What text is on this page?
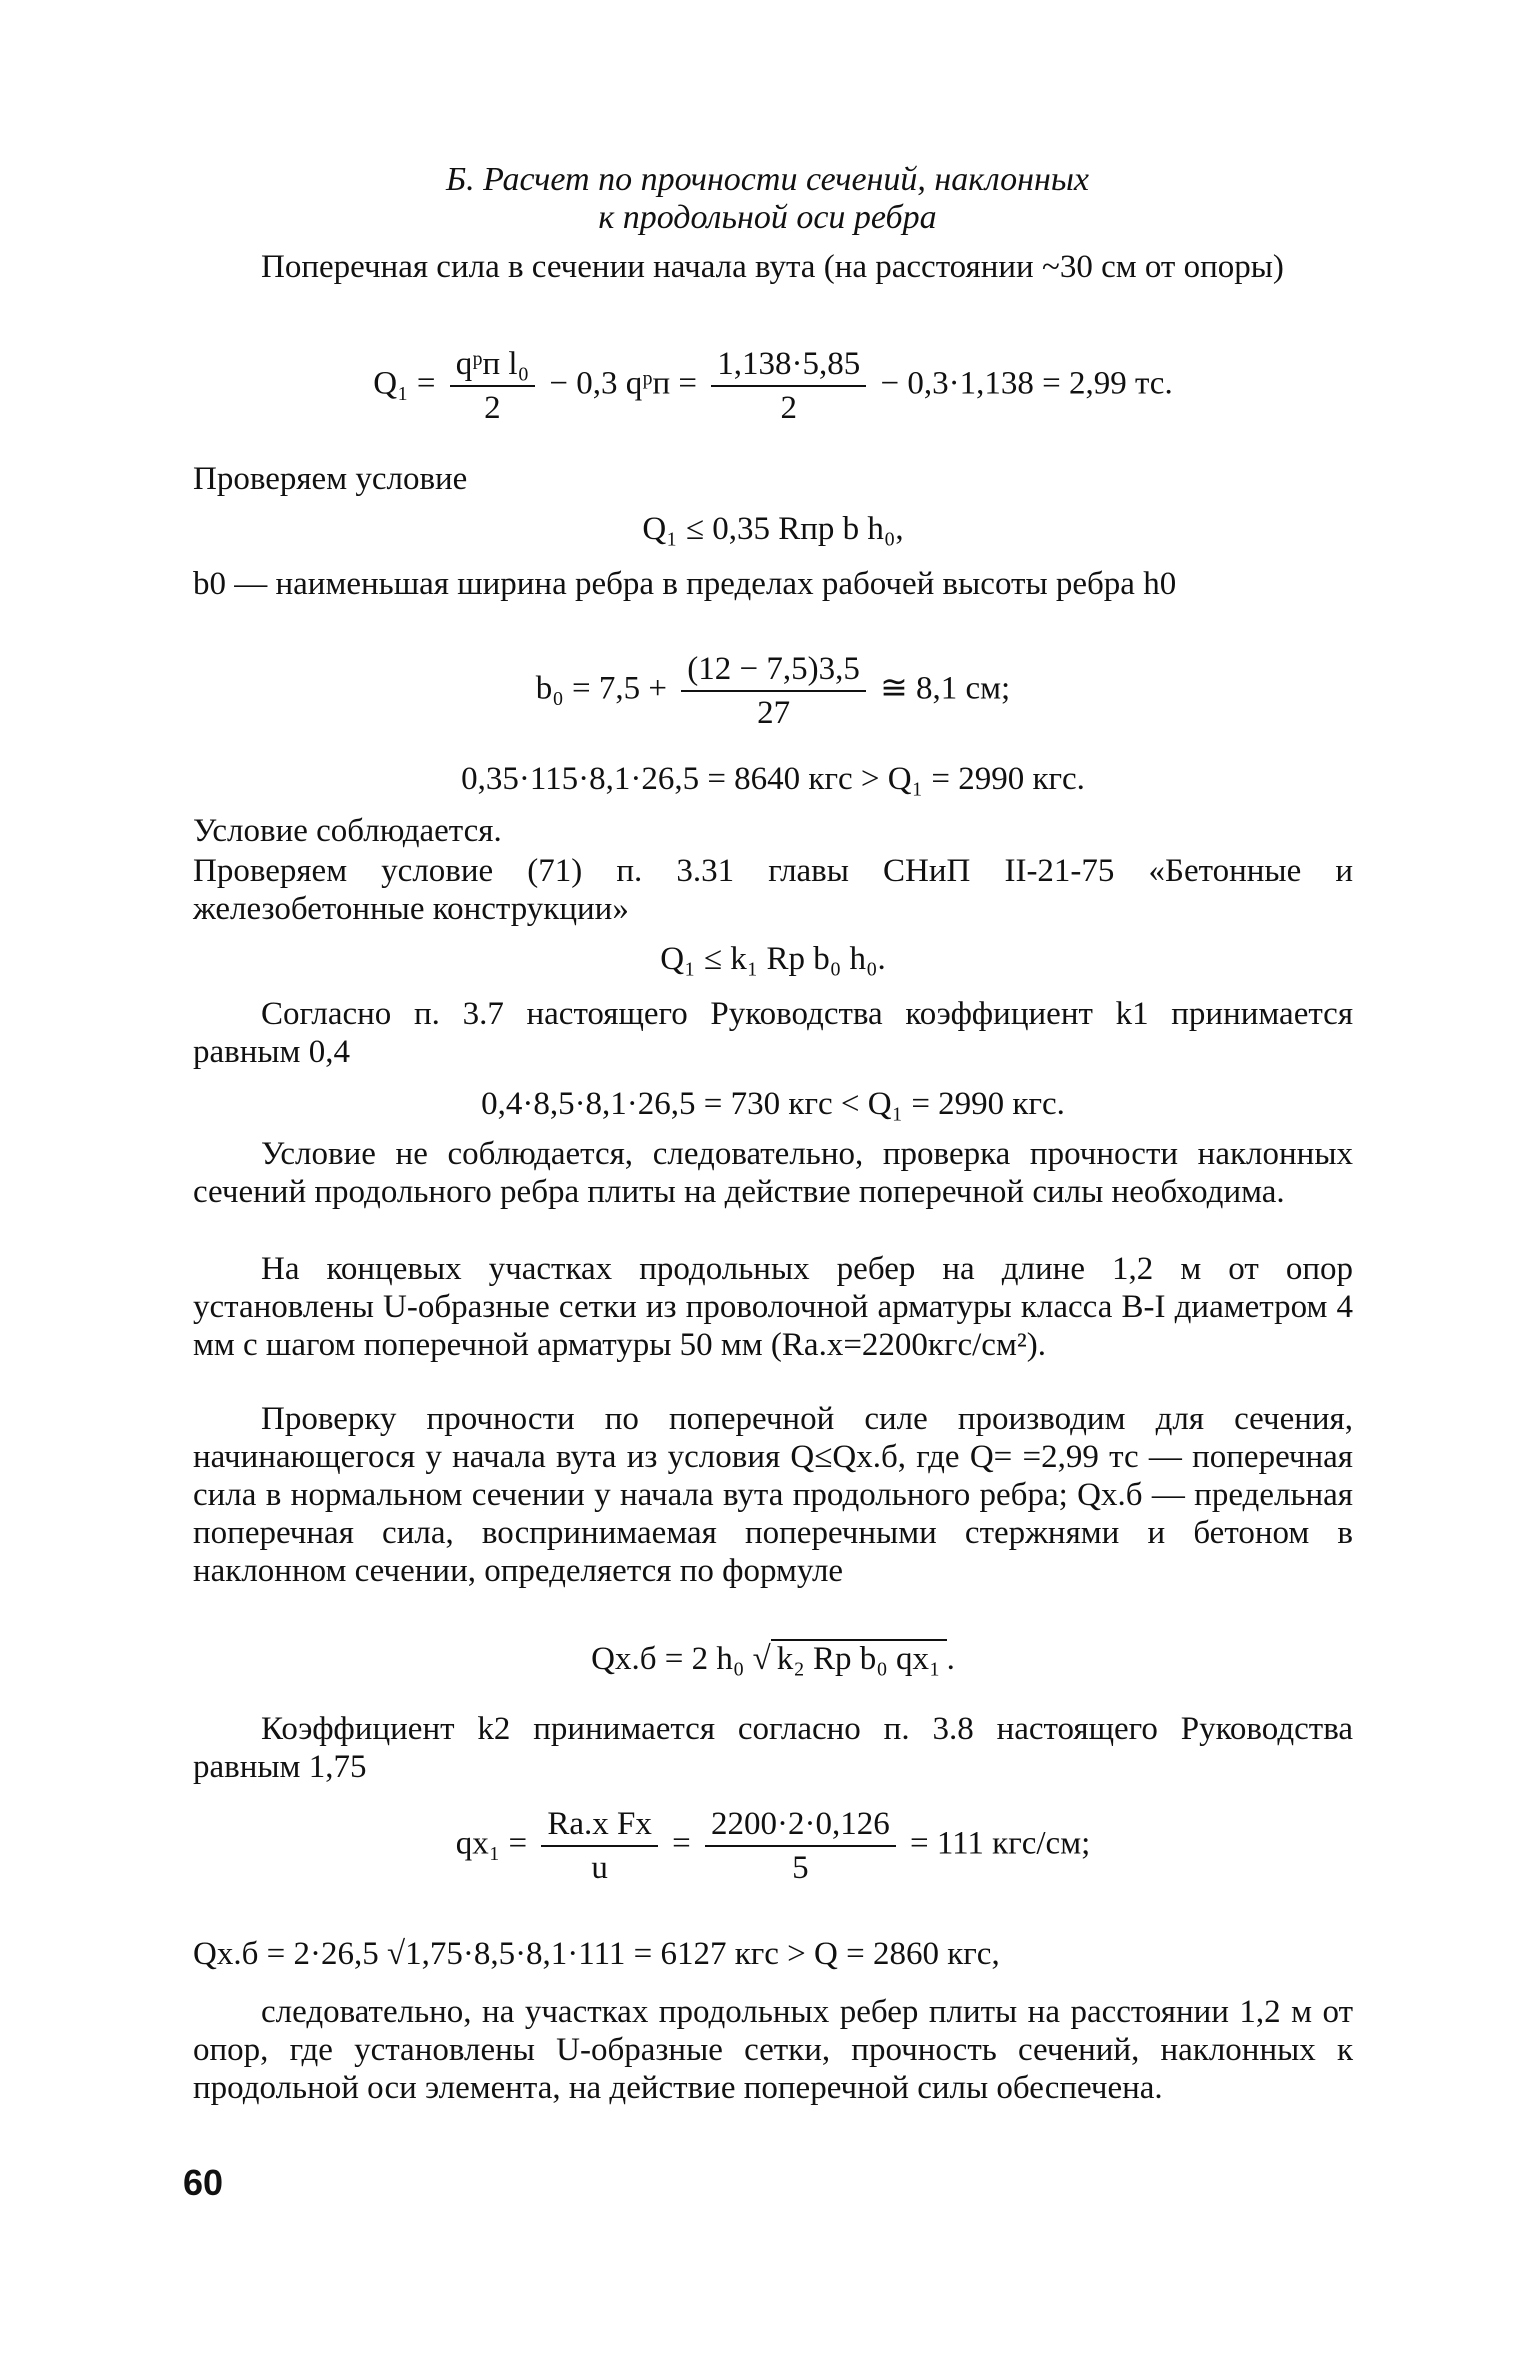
Б. Расчет по прочности сечений, наклонных
к продольной оси ребра
Поперечная сила в сечении начала вута (на расстоянии ~30 см от опоры)
$Q_1 = \frac{\text{qᵖп l₀}}{2} - 0,3$ qᵖп = $\frac{1,138\cdot 5,85}{2} - 0,3\cdot 1,138 = 2,99$ тс.
Проверяем условие
Q₁ ≤ 0,35 Rпр b h₀,
b0 — наименьшая ширина ребра в пределах рабочей высоты ребра h0
$b_0 = 7,5 + \frac{(12 - 7,5)3,5}{27}$ ≅ 8,1 см;
0,35·115·8,1·26,5 = 8640 кгс > Q₁ = 2990 кгс.
Условие соблюдается.
Проверяем условие (71) п. 3.31 главы СНиП II-21-75 «Бетонные и железобетонные конструкции»
Q₁ ≤ k₁ Rр b₀ h₀.
Согласно п. 3.7 настоящего Руководства коэффициент k1 принимается равным 0,4
0,4·8,5·8,1·26,5 = 730 кгс < Q₁ = 2990 кгс.
Условие не соблюдается, следовательно, проверка прочности наклонных сечений продольного ребра плиты на действие поперечной силы необходима.
На концевых участках продольных ребер на длине 1,2 м от опор установлены U-образные сетки из проволочной арматуры класса B-I диаметром 4 мм с шагом поперечной арматуры 50 мм (Ra.x=2200кгс/см²).
Проверку прочности по поперечной силе производим для сечения, начинающегося у начала вута из условия Q≤Qx.б, где Q= =2,99 тс — поперечная сила в нормальном сечении у начала вута продольного ребра; Qx.б — предельная поперечная сила, воспринимаемая поперечными стержнями и бетоном в наклонном сечении, определяется по формуле
Qх.б = 2 h₀ √ k₂ Rр b₀ qх₁ .
Коэффициент k2 принимается согласно п. 3.8 настоящего Руководства равным 1,75
$qх_1 = \frac{\text{Rа.х Fх}}{u} = \frac{2200\cdot 2\cdot 0,126}{5} = 111$ кгс/см;
Qх.б = 2·26,5 √1,75·8,5·8,1·111 = 6127 кгс > Q = 2860 кгс,
следовательно, на участках продольных ребер плиты на расстоянии 1,2 м от опор, где установлены U-образные сетки, прочность сечений, наклонных к продольной оси элемента, на действие поперечной силы обеспечена.
60
